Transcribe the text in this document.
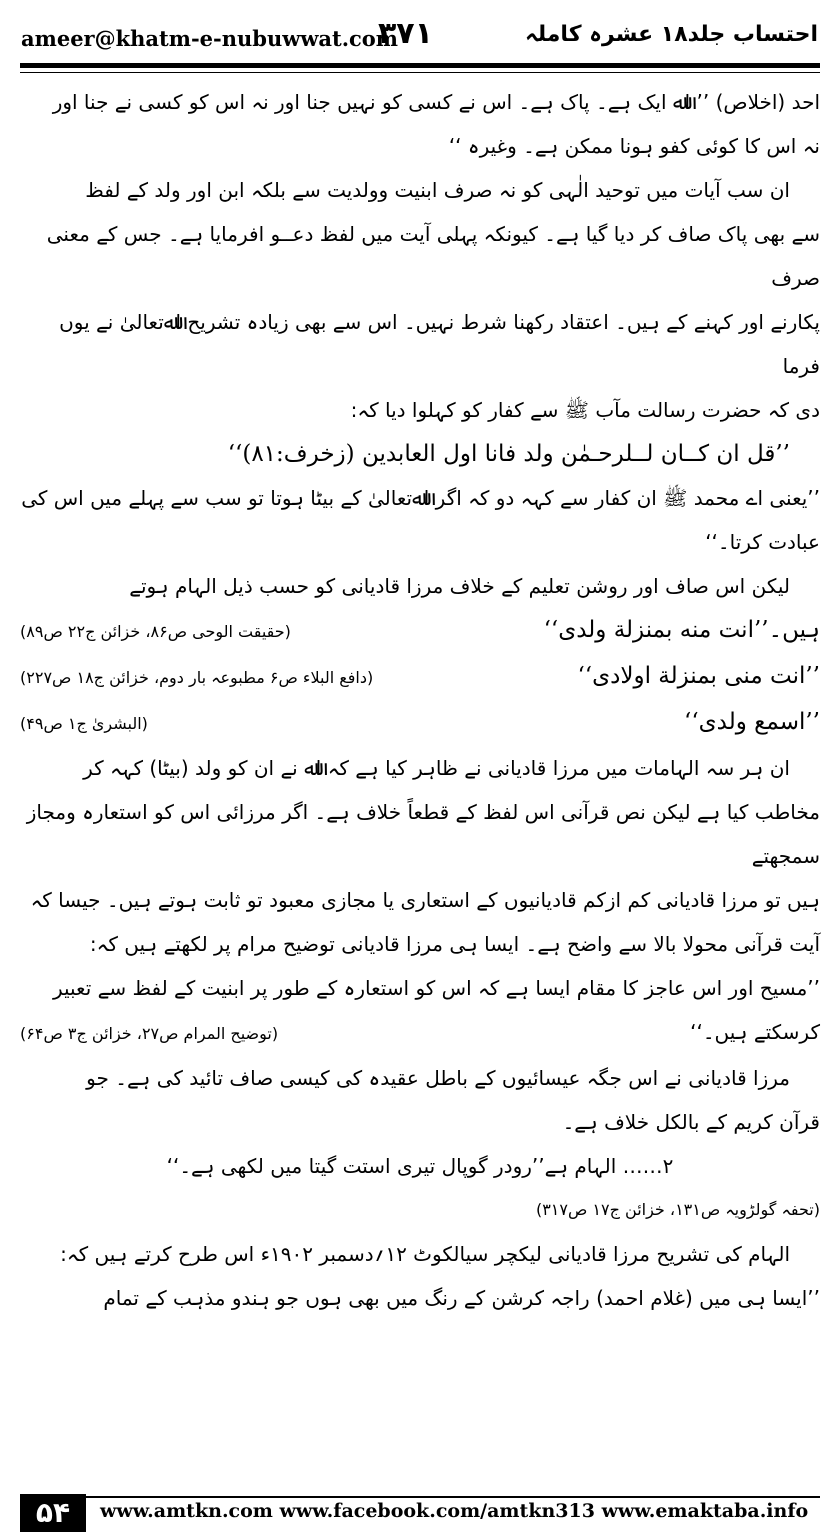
ameer@khatm-e-nubuwwat.com
۳۷۱	احتساب جلد۱۸ عشرہ کاملہ

احد (اخلاص) ’’ اﷲ ایک ہے۔ پاک ہے۔ اس نے کسی کو نہیں جنا اور نہ اس کو کسی نے جنا اور

نہ اس کا کوئی کفو ہونا ممکن ہے۔ وغیرہ ‘‘

ان سب آیات میں توحید الٰہی کو نہ صرف ابنیت وولدیت سے بلکہ ابن اور ولد کے لفظ

سے بھی پاک صاف کر دیا گیا ہے۔ کیونکہ پہلی آیت میں لفظ دعــو افرمایا ہے۔ جس کے معنی صرف

پکارنے اور کہنے کے ہیں۔ اعتقاد رکھنا شرط نہیں۔ اس سے بھی زیادہ تشریح اﷲتعالیٰ نے یوں فرما

دی کہ حضرت رسالت مآب ﷺ سے کفار کو کہلوا دیا کہ:

’’قل ان کــان لــلرحـمٰن ولد فانا اول العابدين (زخرف:۸۱)‘‘

’’یعنی اے محمد ﷺ ان کفار سے کہہ دو کہ اگر اﷲتعالیٰ کے بیٹا ہوتا تو سب سے پہلے میں اس کی

عبادت کرتا۔‘‘

لیکن اس صاف اور روشن تعلیم کے خلاف مرزا قادیانی کو حسب ذیل الہام ہوتے

ہیں۔’’انت منه بمنزلة ولدی‘‘
(حقیقت الوحی ص۸۶، خزائن ج۲۲ ص۸۹)
’’انت منی بمنزلة اولادی‘‘
(دافع البلاء ص۶ مطبوعہ بار دوم، خزائن ج۱۸ ص۲۲۷)
’’اسمع ولدی‘‘
(البشریٰ ج۱ ص۴۹)

ان ہر سہ الہامات میں مرزا قادیانی نے ظاہر کیا ہے کہ اﷲ نے ان کو ولد (بیٹا) کہہ کر

مخاطب کیا ہے لیکن نص قرآنی اس لفظ کے قطعاً خلاف ہے۔ اگر مرزائی اس کو استعارہ ومجاز سمجھتے

ہیں تو مرزا قادیانی کم ازکم قادیانیوں کے استعاری یا مجازی معبود تو ثابت ہوتے ہیں۔ جیسا کہ

آیت قرآنی محولا بالا سے واضح ہے۔ ایسا ہی مرزا قادیانی توضیح مرام پر لکھتے ہیں کہ:

’’مسیح اور اس عاجز کا مقام ایسا ہے کہ اس کو استعارہ کے طور پر ابنیت کے لفظ سے تعبیر

کرسکتے ہیں۔‘‘
(توضیح المرام ص۲۷، خزائن ج۳ ص۶۴)

مرزا قادیانی نے اس جگہ عیسائیوں کے باطل عقیدہ کی کیسی صاف تائید کی ہے۔ جو

قرآن کریم کے بالکل خلاف ہے۔

۲…… الہام ہے’’رودر گوپال تیری استت گیتا میں لکھی ہے۔‘‘

(تحفہ گولڑویہ ص۱۳۱، خزائن ج۱۷ ص۳۱۷)

الہام کی تشریح مرزا قادیانی لیکچر سیالکوٹ ۱۲؍دسمبر ۱۹۰۲ء اس طرح کرتے ہیں کہ:

’’ایسا ہی میں (غلام احمد) راجہ کرشن کے رنگ میں بھی ہوں جو ہندو مذہب کے تمام

۵۴	www.amtkn.com www.facebook.com/amtkn313 www.emaktaba.info
